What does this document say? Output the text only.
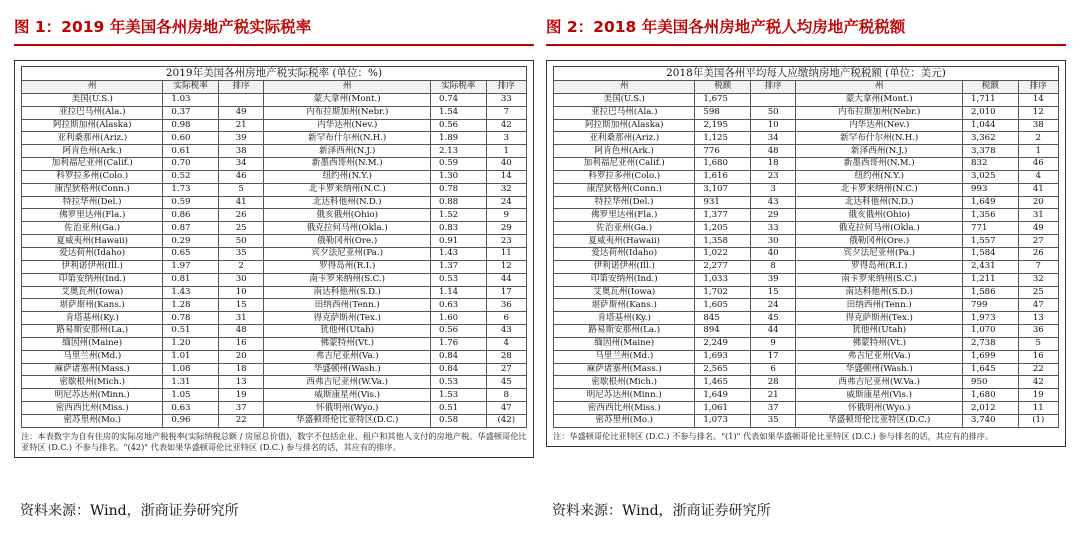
图 1：2019 年美国各州房地产税实际税率
2019年美国各州房地产税实际税率 (单位：%)
州	实际税率	排序	州	实际税率	排序
美国(U.S.)	1.03		蒙大拿州(Mont.)	0.74	33
亚拉巴马州(Ala.)	0.37	49	内布拉斯加州(Nebr.)	1.54	7
阿拉斯加州(Alaska)	0.98	21	内华达州(Nev.)	0.56	42
亚利桑那州(Ariz.)	0.60	39	新罕布什尔州(N.H.)	1.89	3
阿肯色州(Ark.)	0.61	38	新泽西州(N.J.)	2.13	1
加利福尼亚州(Calif.)	0.70	34	新墨西哥州(N.M.)	0.59	40
科罗拉多州(Colo.)	0.52	46	纽约州(N.Y.)	1.30	14
康涅狄格州(Conn.)	1.73	5	北卡罗来纳州(N.C.)	0.78	32
特拉华州(Del.)	0.59	41	北达科他州(N.D.)	0.88	24
佛罗里达州(Fla.)	0.86	26	俄亥俄州(Ohio)	1.52	9
佐治亚州(Ga.)	0.87	25	俄克拉何马州(Okla.)	0.83	29
夏威夷州(Hawaii)	0.29	50	俄勒冈州(Ore.)	0.91	23
爱达荷州(Idaho)	0.65	35	宾夕法尼亚州(Pa.)	1.43	11
伊利诺伊州(Ill.)	1.97	2	罗得岛州(R.I.)	1.37	12
印第安纳州(Ind.)	0.81	30	南卡罗来纳州(S.C.)	0.53	44
艾奥瓦州(Iowa)	1.43	10	南达科他州(S.D.)	1.14	17
堪萨斯州(Kans.)	1.28	15	田纳西州(Tenn.)	0.63	36
肯塔基州(Ky.)	0.78	31	得克萨斯州(Tex.)	1.60	6
路易斯安那州(La.)	0.51	48	犹他州(Utah)	0.56	43
缅因州(Maine)	1.20	16	佛蒙特州(Vt.)	1.76	4
马里兰州(Md.)	1.01	20	弗吉尼亚州(Va.)	0.84	28
麻萨诸塞州(Mass.)	1.08	18	华盛顿州(Wash.)	0.84	27
密歇根州(Mich.)	1.31	13	西弗吉尼亚州(W.Va.)	0.53	45
明尼苏达州(Minn.)	1.05	19	威斯康星州(Vis.)	1.53	8
密西西比州(Miss.)	0.63	37	怀俄明州(Wyo.)	0.51	47
密苏里州(Mo.)	0.96	22	华盛顿哥伦比亚特区(D.C.)	0.58	(42)
注：本表数字为自有住房的实际房地产税税率(实际纳税总额 / 房屋总价值)，数字不包括企业、租户和其他人支付的房地产税。华盛顿哥伦比亚特区 (D.C.) 不参与排名。"(42)" 代表如果华盛顿哥伦比亚特区 (D.C.) 参与排名的话，其应有的排序。
图 2：2018 年美国各州房地产税人均房地产税税额
2018年美国各州平均每人应缴纳房地产税税额 (单位：美元)
州	税额	排序	州	税额	排序
美国(U.S.)	1,675		蒙大拿州(Mont.)	1,711	14
亚拉巴马州(Ala.)	598	50	内布拉斯加州(Nebr.)	2,010	12
阿拉斯加州(Alaska)	2,195	10	内华达州(Nev.)	1,044	38
亚利桑那州(Ariz.)	1,125	34	新罕布什尔州(N.H.)	3,362	2
阿肯色州(Ark.)	776	48	新泽西州(N.J.)	3,378	1
加利福尼亚州(Calif.)	1,680	18	新墨西哥州(N.M.)	832	46
科罗拉多州(Colo.)	1,616	23	纽约州(N.Y.)	3,025	4
康涅狄格州(Conn.)	3,107	3	北卡罗来纳州(N.C.)	993	41
特拉华州(Del.)	931	43	北达科他州(N.D.)	1,649	20
佛罗里达州(Fla.)	1,377	29	俄亥俄州(Ohio)	1,356	31
佐治亚州(Ga.)	1,205	33	俄克拉何马州(Okla.)	771	49
夏威夷州(Hawaii)	1,358	30	俄勒冈州(Ore.)	1,557	27
爱达荷州(Idaho)	1,022	40	宾夕法尼亚州(Pa.)	1,584	26
伊利诺伊州(Ill.)	2,277	8	罗得岛州(R.I.)	2,431	7
印第安纳州(Ind.)	1,033	39	南卡罗来纳州(S.C.)	1,211	32
艾奥瓦州(Iowa)	1,702	15	南达科他州(S.D.)	1,586	25
堪萨斯州(Kans.)	1,605	24	田纳西州(Tenn.)	799	47
肯塔基州(Ky.)	845	45	得克萨斯州(Tex.)	1,973	13
路易斯安那州(La.)	894	44	犹他州(Utah)	1,070	36
缅因州(Maine)	2,249	9	佛蒙特州(Vt.)	2,738	5
马里兰州(Md.)	1,693	17	弗吉尼亚州(Va.)	1,699	16
麻萨诸塞州(Mass.)	2,565	6	华盛顿州(Wash.)	1,645	22
密歇根州(Mich.)	1,465	28	西弗吉尼亚州(W.Va.)	950	42
明尼苏达州(Minn.)	1,649	21	威斯康星州(Vis.)	1,680	19
密西西比州(Miss.)	1,061	37	怀俄明州(Wyo.)	2,012	11
密苏里州(Mo.)	1,073	35	华盛顿哥伦比亚特区(D.C.)	3,740	(1)
注：华盛顿哥伦比亚特区 (D.C.) 不参与排名。"(1)" 代表如果华盛顿哥伦比亚特区 (D.C.) 参与排名的话，其应有的排序。
资料来源：Wind，浙商证券研究所	资料来源：Wind，浙商证券研究所
